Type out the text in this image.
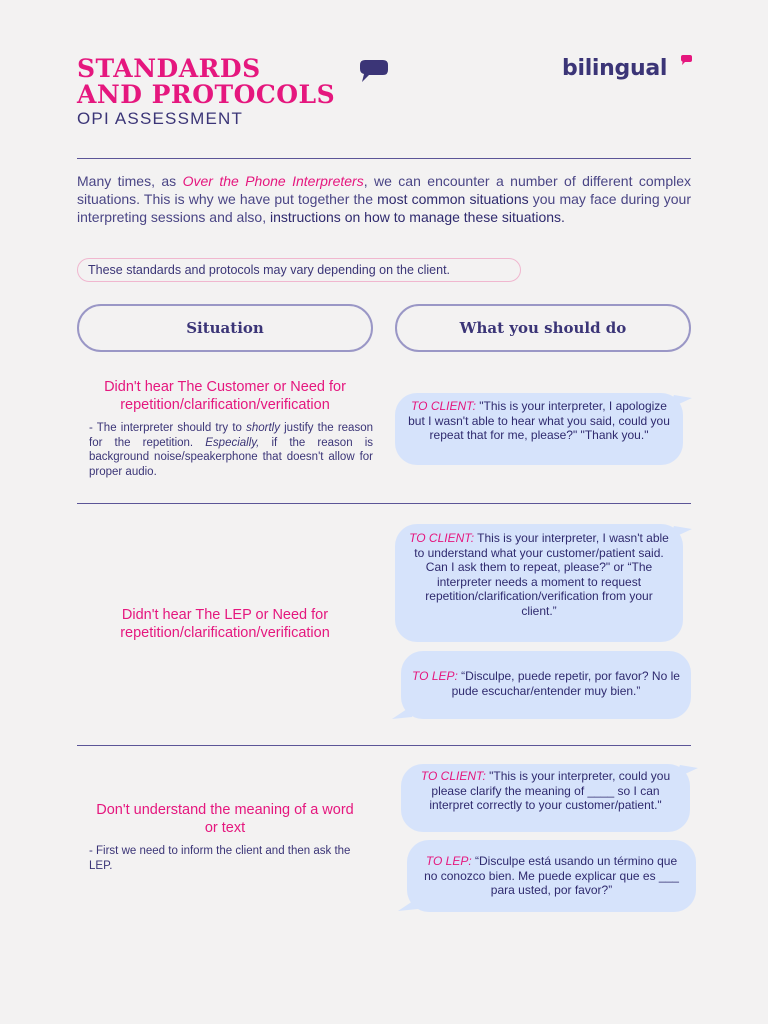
STANDARDS
AND PROTOCOLS
OPI ASSESSMENT
bilingual
Many times, as Over the Phone Interpreters, we can encounter a number of different complex situations. This is why we have put together the most common situations you may face during your interpreting sessions and also, instructions on how to manage these situations.
These standards and protocols may vary depending on the client.
Situation	What you should do
Didn't hear The Customer or Need for repetition/clarification/verification
- The interpreter should try to shortly justify the reason for the repetition. Especially, if the reason is background noise/speakerphone that doesn't allow for proper audio.
TO CLIENT: "This is your interpreter, I apologize but I wasn't able to hear what you said, could you repeat that for me, please?" "Thank you."
Didn't hear The LEP or Need for repetition/clarification/verification
TO CLIENT: This is your interpreter, I wasn't able to understand what your customer/patient said. Can I ask them to repeat, please?" or “The interpreter needs a moment to request repetition/clarification/verification from your client.”
TO LEP: “Disculpe, puede repetir, por favor? No le pude escuchar/entender muy bien.”
Don't understand the meaning of a word or text
- First we need to inform the client and then ask the LEP.
TO CLIENT: "This is your interpreter, could you please clarify the meaning of ____ so I can interpret correctly to your customer/patient."
TO LEP: “Disculpe está usando un término que no conozco bien. Me puede explicar que es ___ para usted, por favor?”
